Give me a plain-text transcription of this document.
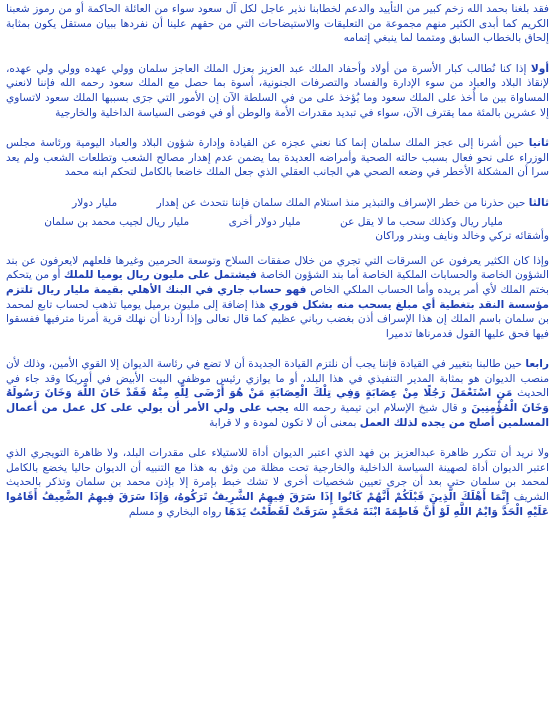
فقد بلغنا بحمد الله زخم كبير من التأييد والدعم لخطابنا نذير عاجل لكل آل سعود سواء من العائلة الحاكمة أو من رموز شعبنا الكريم كما أبدى الكثير منهم مجموعة من التعليقات والاستيضاحات التي من حقهم علينا أن نفردها ببيان مستقل يكون بمثابة إلحاق بالخطاب السابق ومتمما لما ينبغي إتمامه

أولا إذا كنا نُطالب كبار الأسرة من أولاد وأحفاد الملك عبد العزيز بعزل الملك العاجز سلمان وولي عهده وولي ولي عهده، لإنقاذ البلاد والعباد من سوء الإدارة والفساد والتصرفات الجنونية، أسوة بما حصل مع الملك سعود رحمه الله فإننا لانعني المساواة بين ما أُخذ على الملك سعود وما يُؤخذ على من في السلطة الآن إن الأمور التي جرَى بسببها الملك سعود لاتساوي إلا عشرين بالمئة مما يقترف الآن، سواء في تبديد مقدرات الأمة والوطن أو في فوضى السياسة الداخلية والخارجية

ثانيا حين أشرنا إلى عجز الملك سلمان إنما كنا نعني عجزه عن القيادة وإدارة شؤون البلاد والعباد اليومية ورئاسة مجلس الوزراء على نحو فعال بسبب حالته الصحية وأمراضه العديدة بما يضمن عدم إهدار مصالح الشعب وتطلعات الشعب ولم يعد سرا أن المشكلة الأخطر في وضعه الصحي هي الجانب العقلي الذي جعل الملك خاضعا بالكامل لتحكم ابنه محمد

ثالثا حين حذرنا من خطر الإسراف والتبذير منذ استلام الملك سلمان فإننا نتحدث عن إهدار مليار دولار
مليار ريال وكذلك سحب ما لا يقل عن مليار دولار أخرى مليار ريال لجيب محمد بن سلمان
وأشقائه تركي وخالد ونايف وبندر وراكان

وإذا كان الكثير يعرفون عن السرقات التي تجري من خلال صفقات السلاح وتوسعة الحرمين وغيرها فلعلهم لايعرفون عن بند الشؤون الخاصة والحسابات الملكية الخاصة أما بند الشؤون الخاصة فيشتمل على مليون ريال يوميا للملك أو من يتحكم بختم الملك لأي أمر يريده وأما الحساب الملكي الخاص فهو حساب جاري في البنك الأهلي بقيمة مليار ريال تلتزم مؤسسة النقد بتغطية أي مبلغ يسحب منه بشكل فوري هذا إضافة إلى مليون برميل يوميا تذهب لحساب تابع لمحمد بن سلمان باسم الملك إن هذا الإسراف أذن بغضب رباني عظيم كما قال تعالى وإذا أردنا أن نهلك قرية أمرنا مترفيها ففسقوا فيها فحق عليها القول فدمرناها تدميرا

رابعا حين طالبنا بتغيير في القيادة فإننا يجب أن نلتزم القيادة الجديدة أن لا تضع في رئاسة الديوان إلا القوي الأمين، وذلك لأن منصب الديوان هو بمثابة المدير التنفيذي في هذا البلد، أو ما يوازي رئيس موظفي البيت الأبيض في أمريكا وقد جاء في الحديث مَنِ اسْتَعْمَلَ رَجُلًا مِنْ عِصَابَةٍ وَفِي تِلْكَ الْعِصَابَةِ مَنْ هُوَ أَرْضَى لِلَّهِ مِنْهُ فَقَدْ خَانَ اللَّهَ وَخَانَ رَسُولَهُ وَخَانَ الْمُؤْمِنِينَ و قال شيخ الإسلام ابن تيمية رحمه الله يجب على ولي الأمر أن يولي على كل عمل من أعمال المسلمين أصلح من يجده لذلك العمل بمعنى أن لا تكون لمودة و لا قرابة

ولا نريد أن تتكرر ظاهرة عبدالعزيز بن فهد الذي اعتبر الديوان أداة للاستيلاء على مقدرات البلد، ولا ظاهرة التويجري الذي اعتبر الديوان أداة لصهينة السياسة الداخلية والخارجية تحت مظلة من وثق به هذا مع التنبيه أن الديوان حاليا يخضع بالكامل لمحمد بن سلمان حتى بعد أن جرى تعيين شخصيات أخرى لا تشك خبط بإمرة إلا بإذن محمد بن سلمان وتذكر بالحديث الشريف إِنَّمَا أَهْلَكَ الَّذِينَ قَبْلَكُمْ أَنَّهُمْ كَانُوا إِذَا سَرَقَ فِيهِمُ الشَّرِيفُ تَرَكُوهُ، وَإِذَا سَرَقَ فِيهِمُ الضَّعِيفُ أَقَامُوا عَلَيْهِ الْحَدَّ وَايْمُ اللَّهِ لَوْ أَنَّ فَاطِمَةَ ابْنَةَ مُحَمَّدٍ سَرَقَتْ لَقَطَعْتُ يَدَهَا رواه البخاري و مسلم
